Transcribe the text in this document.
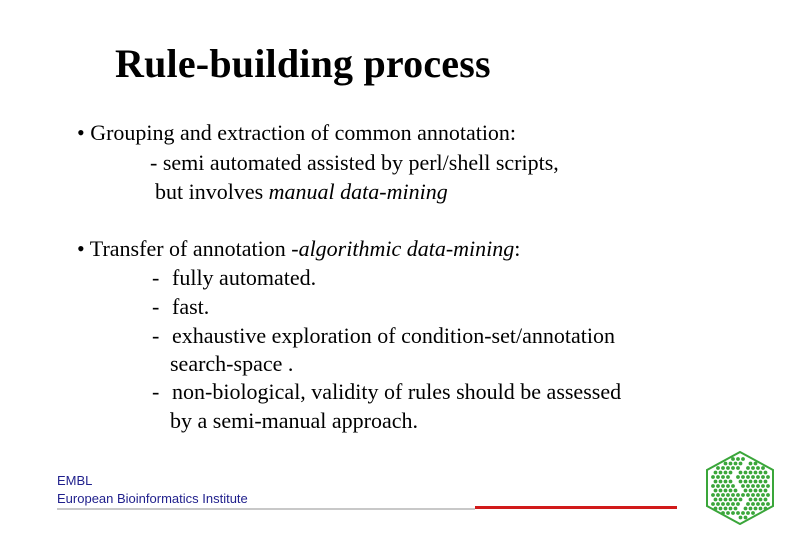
Rule-building process
• Grouping and extraction of common annotation:
- semi automated assisted by perl/shell scripts,
but involves manual data-mining
• Transfer of annotation -algorithmic data-mining:
- fully automated.
- fast.
- exhaustive exploration of condition-set/annotation
search-space .
- non-biological, validity of rules should be assessed
by a semi-manual approach.
EMBL
European Bioinformatics Institute
